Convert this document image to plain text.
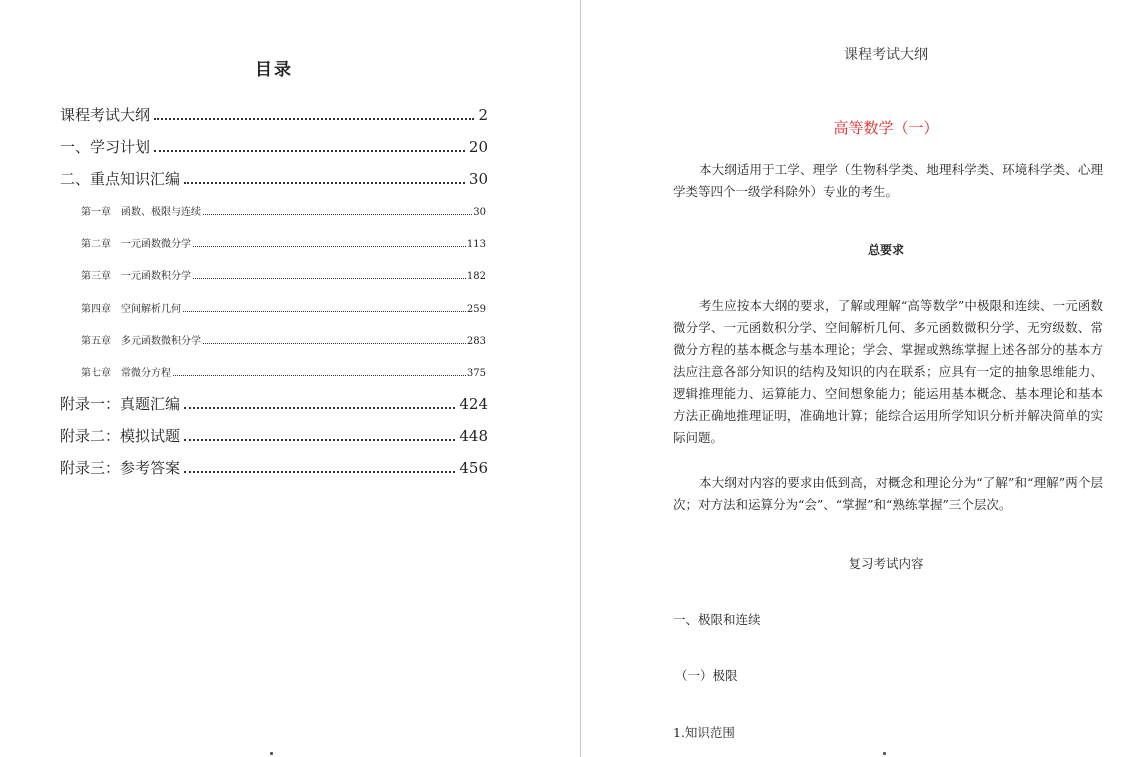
目录
课程考试大纲	2
一、学习计划	20
二、重点知识汇编	30
第一章　函数、极限与连续	30
第二章　一元函数微分学	113
第三章　一元函数积分学	182
第四章　空间解析几何	259
第五章　多元函数微积分学	283
第七章　常微分方程	375
附录一：真题汇编	424
附录二：模拟试题	448
附录三：参考答案	456
课程考试大纲
高等数学（一）
本大纲适用于工学、理学（生物科学类、地理科学类、环境科学类、心理学类等四个一级学科除外）专业的考生。
总要求
考生应按本大纲的要求，了解或理解“高等数学”中极限和连续、一元函数微分学、一元函数积分学、空间解析几何、多元函数微积分学、无穷级数、常微分方程的基本概念与基本理论；学会、掌握或熟练掌握上述各部分的基本方法应注意各部分知识的结构及知识的内在联系；应具有一定的抽象思维能力、逻辑推理能力、运算能力、空间想象能力；能运用基本概念、基本理论和基本方法正确地推理证明，准确地计算；能综合运用所学知识分析并解决简单的实际问题。
本大纲对内容的要求由低到高，对概念和理论分为“了解”和“理解”两个层次；对方法和运算分为“会”、“掌握”和“熟练掌握”三个层次。
复习考试内容
一、极限和连续
（一）极限
1.知识范围
